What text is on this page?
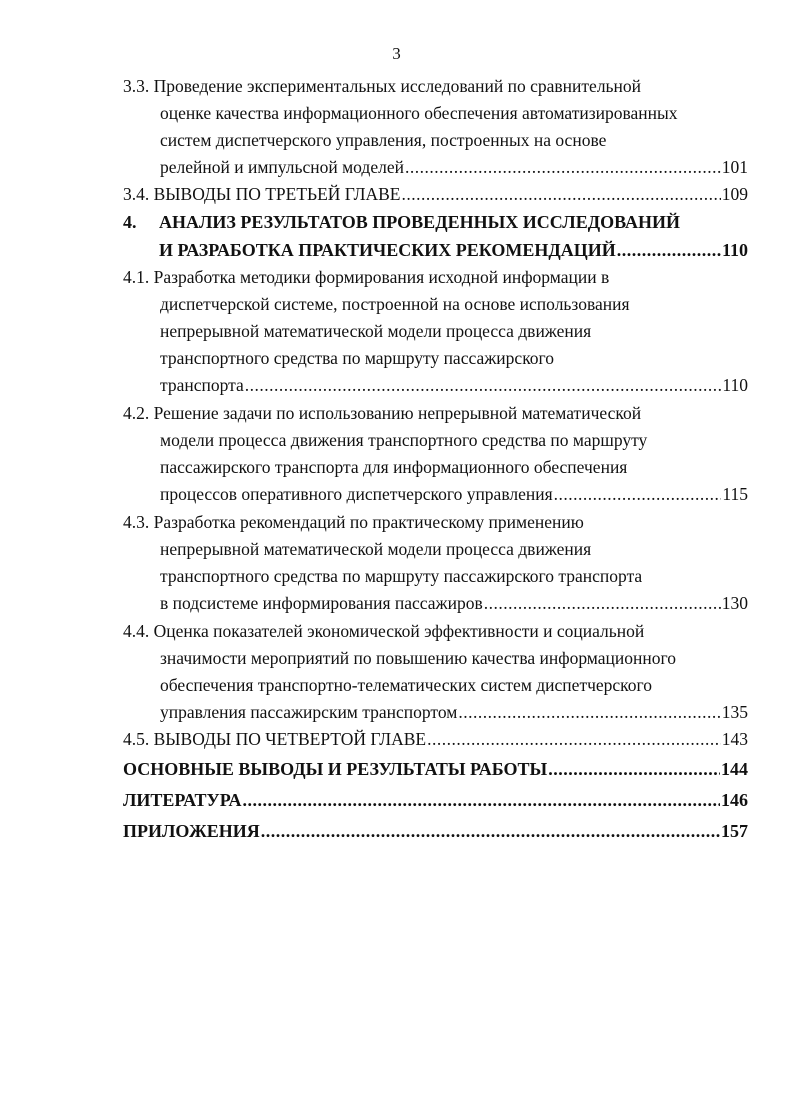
3
3.3. Проведение экспериментальных исследований по сравнительной
оценке качества информационного обеспечения автоматизированных
систем диспетчерского управления, построенных на основе
релейной и импульсной моделей .....	101
3.4. ВЫВОДЫ ПО ТРЕТЬЕЙ ГЛАВЕ .....	109
4. АНАЛИЗ РЕЗУЛЬТАТОВ ПРОВЕДЕННЫХ ИССЛЕДОВАНИЙ
И РАЗРАБОТКА ПРАКТИЧЕСКИХ РЕКОМЕНДАЦИЙ .....	110
4.1. Разработка методики формирования исходной информации в
диспетчерской системе, построенной на основе использования
непрерывной математической модели процесса движения
транспортного средства по маршруту пассажирского
транспорта .....	110
4.2. Решение задачи по использованию непрерывной математической
модели процесса движения транспортного средства по маршруту
пассажирского транспорта для информационного обеспечения
процессов оперативного диспетчерского управления .....	115
4.3. Разработка рекомендаций по практическому применению
непрерывной математической модели процесса движения
транспортного средства по маршруту пассажирского транспорта
в подсистеме информирования пассажиров .....	130
4.4. Оценка показателей экономической эффективности и социальной
значимости мероприятий по повышению качества информационного
обеспечения транспортно-телематических систем диспетчерского
управления пассажирским транспортом .....	135
4.5. ВЫВОДЫ ПО ЧЕТВЕРТОЙ ГЛАВЕ .....	143
ОСНОВНЫЕ ВЫВОДЫ И РЕЗУЛЬТАТЫ РАБОТЫ .....	144
ЛИТЕРАТУРА .....	146
ПРИЛОЖЕНИЯ .....	157
